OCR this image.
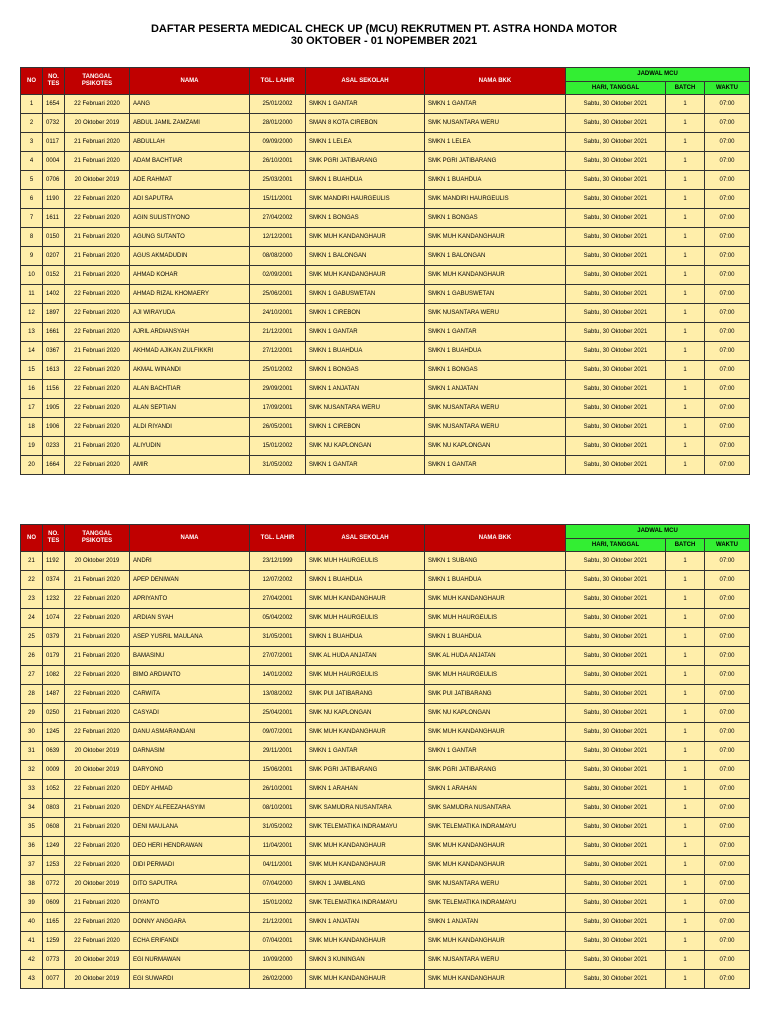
DAFTAR PESERTA MEDICAL CHECK UP (MCU) REKRUTMEN PT. ASTRA HONDA MOTOR
30 OKTOBER - 01 NOPEMBER 2021
NO	NO. TES	TANGGAL PSIKOTES	NAMA	TGL. LAHIR	ASAL SEKOLAH	NAMA BKK	JADWAL MCU		
							HARI, TANGGAL	BATCH	WAKTU
1	1654	22 Februari 2020	AANG	25/01/2002	SMKN 1 GANTAR	SMKN 1 GANTAR	Sabtu, 30 Oktober 2021	1	07:00
2	0732	20 Oktober 2019	ABDUL JAMIL ZAMZAMI	28/01/2000	SMAN 8 KOTA CIREBON	SMK NUSANTARA WERU	Sabtu, 30 Oktober 2021	1	07:00
3	0117	21 Februari 2020	ABDULLAH	09/09/2000	SMKN 1 LELEA	SMKN 1 LELEA	Sabtu, 30 Oktober 2021	1	07:00
4	0004	21 Februari 2020	ADAM BACHTIAR	26/10/2001	SMK PGRI JATIBARANG	SMK PGRI JATIBARANG	Sabtu, 30 Oktober 2021	1	07:00
5	0706	20 Oktober 2019	ADE RAHMAT	25/03/2001	SMKN 1 BUAHDUA	SMKN 1 BUAHDUA	Sabtu, 30 Oktober 2021	1	07:00
6	1190	22 Februari 2020	ADI SAPUTRA	15/11/2001	SMK MANDIRI HAURGEULIS	SMK MANDIRI HAURGEULIS	Sabtu, 30 Oktober 2021	1	07:00
7	1611	22 Februari 2020	AGIN SULISTIYONO	27/04/2002	SMKN 1 BONGAS	SMKN 1 BONGAS	Sabtu, 30 Oktober 2021	1	07:00
8	0150	21 Februari 2020	AGUNG SUTANTO	12/12/2001	SMK MUH KANDANGHAUR	SMK MUH KANDANGHAUR	Sabtu, 30 Oktober 2021	1	07:00
9	0207	21 Februari 2020	AGUS AKMADUDIN	08/08/2000	SMKN 1 BALONGAN	SMKN 1 BALONGAN	Sabtu, 30 Oktober 2021	1	07:00
10	0152	21 Februari 2020	AHMAD KOHAR	02/09/2001	SMK MUH KANDANGHAUR	SMK MUH KANDANGHAUR	Sabtu, 30 Oktober 2021	1	07:00
11	1402	22 Februari 2020	AHMAD RIZAL KHOMAERY	25/06/2001	SMKN 1 GABUSWETAN	SMKN 1 GABUSWETAN	Sabtu, 30 Oktober 2021	1	07:00
12	1897	22 Februari 2020	AJI WIRAYUDA	24/10/2001	SMKN 1 CIREBON	SMK NUSANTARA WERU	Sabtu, 30 Oktober 2021	1	07:00
13	1661	22 Februari 2020	AJRIL ARDIANSYAH	21/12/2001	SMKN 1 GANTAR	SMKN 1 GANTAR	Sabtu, 30 Oktober 2021	1	07:00
14	0367	21 Februari 2020	AKHMAD AJIKAN ZULFIKKRI	27/12/2001	SMKN 1 BUAHDUA	SMKN 1 BUAHDUA	Sabtu, 30 Oktober 2021	1	07:00
15	1613	22 Februari 2020	AKMAL WINANDI	25/01/2002	SMKN 1 BONGAS	SMKN 1 BONGAS	Sabtu, 30 Oktober 2021	1	07:00
16	1156	22 Februari 2020	ALAN BACHTIAR	29/09/2001	SMKN 1 ANJATAN	SMKN 1 ANJATAN	Sabtu, 30 Oktober 2021	1	07:00
17	1905	22 Februari 2020	ALAN SEPTIAN	17/09/2001	SMK NUSANTARA WERU	SMK NUSANTARA WERU	Sabtu, 30 Oktober 2021	1	07:00
18	1906	22 Februari 2020	ALDI RIYANDI	26/05/2001	SMKN 1 CIREBON	SMK NUSANTARA WERU	Sabtu, 30 Oktober 2021	1	07:00
19	0233	21 Februari 2020	ALIYUDIN	15/01/2002	SMK NU KAPLONGAN	SMK NU KAPLONGAN	Sabtu, 30 Oktober 2021	1	07:00
20	1664	22 Februari 2020	AMIR	31/05/2002	SMKN 1 GANTAR	SMKN 1 GANTAR	Sabtu, 30 Oktober 2021	1	07:00
NO	NO. TES	TANGGAL PSIKOTES	NAMA	TGL. LAHIR	ASAL SEKOLAH	NAMA BKK	JADWAL MCU		
							HARI, TANGGAL	BATCH	WAKTU
21	1192	20 Oktober 2019	ANDRI	23/12/1999	SMK MUH HAURGEULIS	SMKN 1 SUBANG	Sabtu, 30 Oktober 2021	1	07:00
22	0374	21 Februari 2020	APEP DENIWAN	12/07/2002	SMKN 1 BUAHDUA	SMKN 1 BUAHDUA	Sabtu, 30 Oktober 2021	1	07:00
23	1232	22 Februari 2020	APRIYANTO	27/04/2001	SMK MUH KANDANGHAUR	SMK MUH KANDANGHAUR	Sabtu, 30 Oktober 2021	1	07:00
24	1074	22 Februari 2020	ARDIAN SYAH	05/04/2002	SMK MUH HAURGEULIS	SMK MUH HAURGEULIS	Sabtu, 30 Oktober 2021	1	07:00
25	0379	21 Februari 2020	ASEP YUSRIL MAULANA	31/05/2001	SMKN 1 BUAHDUA	SMKN 1 BUAHDUA	Sabtu, 30 Oktober 2021	1	07:00
26	0179	21 Februari 2020	BAMASINU	27/07/2001	SMK AL HUDA ANJATAN	SMK AL HUDA ANJATAN	Sabtu, 30 Oktober 2021	1	07:00
27	1082	22 Februari 2020	BIMO ARDIANTO	14/01/2002	SMK MUH HAURGEULIS	SMK MUH HAURGEULIS	Sabtu, 30 Oktober 2021	1	07:00
28	1487	22 Februari 2020	CARWITA	13/08/2002	SMK PUI JATIBARANG	SMK PUI JATIBARANG	Sabtu, 30 Oktober 2021	1	07:00
29	0250	21 Februari 2020	CASYADI	25/04/2001	SMK NU KAPLONGAN	SMK NU KAPLONGAN	Sabtu, 30 Oktober 2021	1	07:00
30	1245	22 Februari 2020	DANU ASMARANDANI	09/07/2001	SMK MUH KANDANGHAUR	SMK MUH KANDANGHAUR	Sabtu, 30 Oktober 2021	1	07:00
31	0639	20 Oktober 2019	DARNASIM	29/11/2001	SMKN 1 GANTAR	SMKN 1 GANTAR	Sabtu, 30 Oktober 2021	1	07:00
32	0009	20 Oktober 2019	DARYONO	15/06/2001	SMK PGRI JATIBARANG	SMK PGRI JATIBARANG	Sabtu, 30 Oktober 2021	1	07:00
33	1052	22 Februari 2020	DEDY AHMAD	26/10/2001	SMKN 1 ARAHAN	SMKN 1 ARAHAN	Sabtu, 30 Oktober 2021	1	07:00
34	0803	21 Februari 2020	DENDY ALFEEZAHASYIM	08/10/2001	SMK SAMUDRA NUSANTARA	SMK SAMUDRA NUSANTARA	Sabtu, 30 Oktober 2021	1	07:00
35	0608	21 Februari 2020	DENI MAULANA	31/05/2002	SMK TELEMATIKA INDRAMAYU	SMK TELEMATIKA INDRAMAYU	Sabtu, 30 Oktober 2021	1	07:00
36	1249	22 Februari 2020	DEO HERI HENDRAWAN	11/04/2001	SMK MUH KANDANGHAUR	SMK MUH KANDANGHAUR	Sabtu, 30 Oktober 2021	1	07:00
37	1253	22 Februari 2020	DIDI PERMADI	04/11/2001	SMK MUH KANDANGHAUR	SMK MUH KANDANGHAUR	Sabtu, 30 Oktober 2021	1	07:00
38	0772	20 Oktober 2019	DITO SAPUTRA	07/04/2000	SMKN 1 JAMBLANG	SMK NUSANTARA WERU	Sabtu, 30 Oktober 2021	1	07:00
39	0609	21 Februari 2020	DIYANTO	15/01/2002	SMK TELEMATIKA INDRAMAYU	SMK TELEMATIKA INDRAMAYU	Sabtu, 30 Oktober 2021	1	07:00
40	1165	22 Februari 2020	DONNY ANGGARA	21/12/2001	SMKN 1 ANJATAN	SMKN 1 ANJATAN	Sabtu, 30 Oktober 2021	1	07:00
41	1259	22 Februari 2020	ECHA ERIFANDI	07/04/2001	SMK MUH KANDANGHAUR	SMK MUH KANDANGHAUR	Sabtu, 30 Oktober 2021	1	07:00
42	0773	20 Oktober 2019	EGI NURMAWAN	10/09/2000	SMKN 3 KUNINGAN	SMK NUSANTARA WERU	Sabtu, 30 Oktober 2021	1	07:00
43	0077	20 Oktober 2019	EGI SUWARDI	26/02/2000	SMK MUH KANDANGHAUR	SMK MUH KANDANGHAUR	Sabtu, 30 Oktober 2021	1	07:00
